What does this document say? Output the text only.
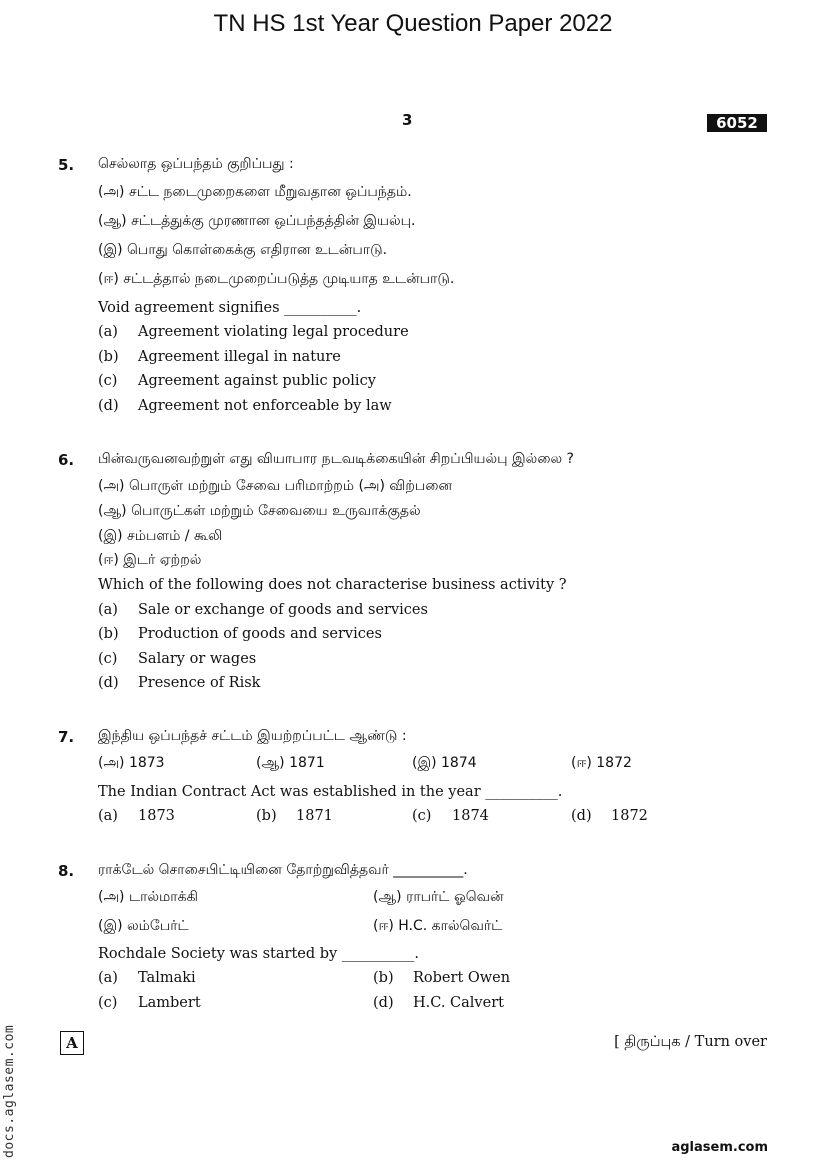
TN HS 1st Year Question Paper 2022
3	6052
5. செல்லாத ஒப்பந்தம் குறிப்பது :
(அ) சட்ட நடைமுறைகளை மீறுவதான ஒப்பந்தம்.
(ஆ) சட்டத்துக்கு முரணான ஒப்பந்தத்தின் இயல்பு.
(இ) பொது கொள்கைக்கு எதிரான உடன்பாடு.
(ஈ) சட்டத்தால் நடைமுறைப்படுத்த முடியாத உடன்பாடு.
Void agreement signifies __________.
(a) Agreement violating legal procedure
(b) Agreement illegal in nature
(c) Agreement against public policy
(d) Agreement not enforceable by law
6. பின்வருவனவற்றுள் எது வியாபார நடவடிக்கையின் சிறப்பியல்பு இல்லை ?
(அ) பொருள் மற்றும் சேவை பரிமாற்றம் (அ) விற்பனை
(ஆ) பொருட்கள் மற்றும் சேவையை உருவாக்குதல்
(இ) சம்பளம் / கூலி
(ஈ) இடர் ஏற்றல்
Which of the following does not characterise business activity ?
(a) Sale or exchange of goods and services
(b) Production of goods and services
(c) Salary or wages
(d) Presence of Risk
7. இந்திய ஒப்பந்தச் சட்டம் இயற்றப்பட்ட ஆண்டு :
(அ) 1873	(ஆ) 1871	(இ) 1874	(ஈ) 1872
The Indian Contract Act was established in the year __________.
(a) 1873	(b) 1871	(c) 1874	(d) 1872
8. ராக்டேல் சொசைபிட்டியினை தோற்றுவித்தவர் __________.
(அ) டால்மாக்கி	(ஆ) ராபர்ட் ஓவென்
(இ) லம்பேர்ட்	(ஈ) H.C. கால்வெர்ட்
Rochdale Society was started by __________.
(a) Talmaki	(b) Robert Owen
(c) Lambert	(d) H.C. Calvert
A	[ திருப்புக / Turn over
docs.aglasem.com	aglasem.com
